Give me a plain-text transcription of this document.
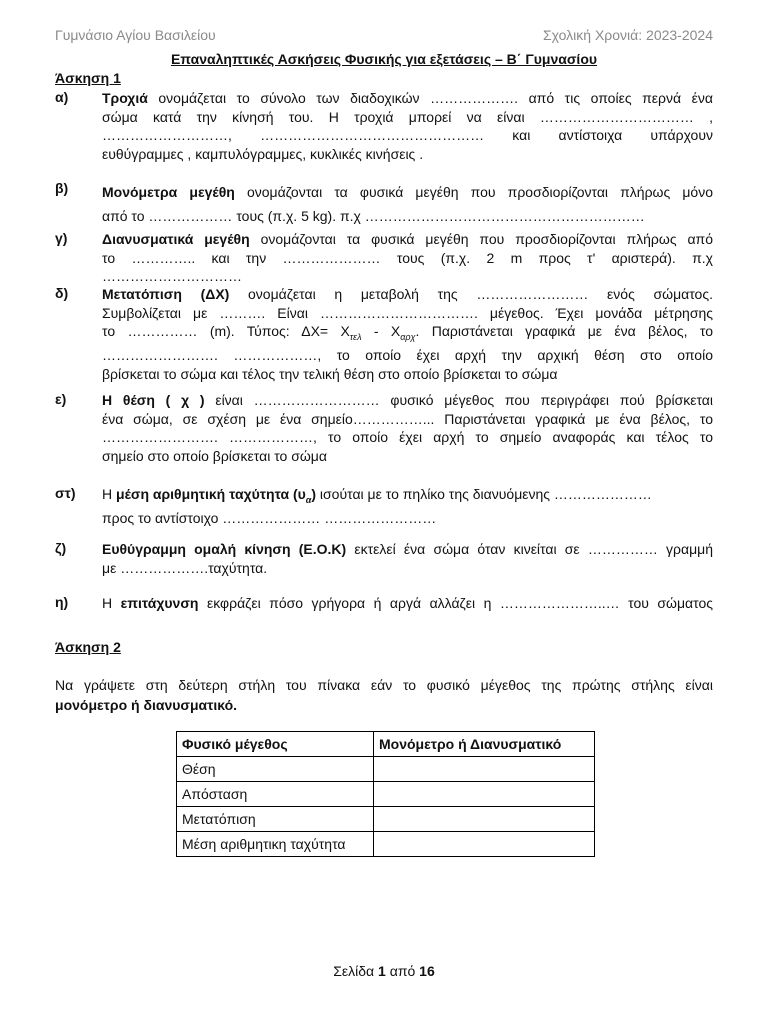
Γυμνάσιο Αγίου Βασιλείου	Σχολική Χρονιά: 2023-2024
Επαναληπτικές Ασκήσεις Φυσικής για εξετάσεις – Β΄ Γυμνασίου
Άσκηση 1
α)	Τροχιά ονομάζεται το σύνολο των διαδοχικών ………………. από τις οποίες περνά ένα
σώμα κατά την κίνησή του. Η τροχιά μπορεί να είναι …………………………… ,
………………………, ………………………………………… και αντίστοιχα υπάρχουν
ευθύγραμμες , καμπυλόγραμμες, κυκλικές κινήσεις .
β)	Μονόμετρα μεγέθη ονομάζονται τα φυσικά μεγέθη που προσδιορίζονται πλήρως μόνο
από το ……………… τους (π.χ. 5 kg). π.χ ……………………………………………………
γ)	Διανυσματικά μεγέθη ονομάζονται τα φυσικά μεγέθη που προσδιορίζονται πλήρως από
το ………….. και την ………………… τους (π.χ. 2 m προς τ' αριστερά). π.χ
…………………………
δ)	Μετατόπιση (ΔΧ) ονομάζεται η μεταβολή της …………………… ενός σώματος.
Συμβολίζεται με ………. Είναι ……………………………. μέγεθος. Έχει μονάδα μέτρησης
το …………… (m). Τύπος: $\Delta X= X_{\tau\varepsilon\lambda} - X_{\alpha\rho\chi}$. Παριστάνεται γραφικά με ένα βέλος, το
……………………. ………………, το οποίο έχει αρχή την αρχική θέση στο οποίο
βρίσκεται το σώμα και τέλος την τελική θέση στο οποίο βρίσκεται το σώμα
ε)	Η θέση ( χ ) είναι ……………………… φυσικό μέγεθος που περιγράφει πού βρίσκεται
ένα σώμα, σε σχέση με ένα σημείο……………... Παριστάνεται γραφικά με ένα βέλος, το
……………………. ………………, το οποίο έχει αρχή το σημείο αναφοράς και τέλος το
σημείο στο οποίο βρίσκεται το σώμα
στ)	Η μέση αριθμητική ταχύτητα $(\upsilon_\alpha)$ ισούται με το πηλίκο της διανυόμενης …………………
προς το αντίστοιχο ………………… ……………………
ζ)	Ευθύγραμμη ομαλή κίνηση (Ε.Ο.Κ) εκτελεί ένα σώμα όταν κινείται σε …………… γραμμή
με ……………….ταχύτητα.
η)	Η επιτάχυνση εκφράζει πόσο γρήγορα ή αργά αλλάζει η …………………..… του σώματος
Άσκηση 2
Να γράψετε στη δεύτερη στήλη του πίνακα εάν το φυσικό μέγεθος της πρώτης στήλης είναι
μονόμετρο ή διανυσματικό.
Φυσικό μέγεθος	Μονόμετρο ή Διανυσματικό
Θέση	
Απόσταση	
Μετατόπιση	
Μέση αριθμητικη ταχύτητα	
Σελίδα 1 από 16
